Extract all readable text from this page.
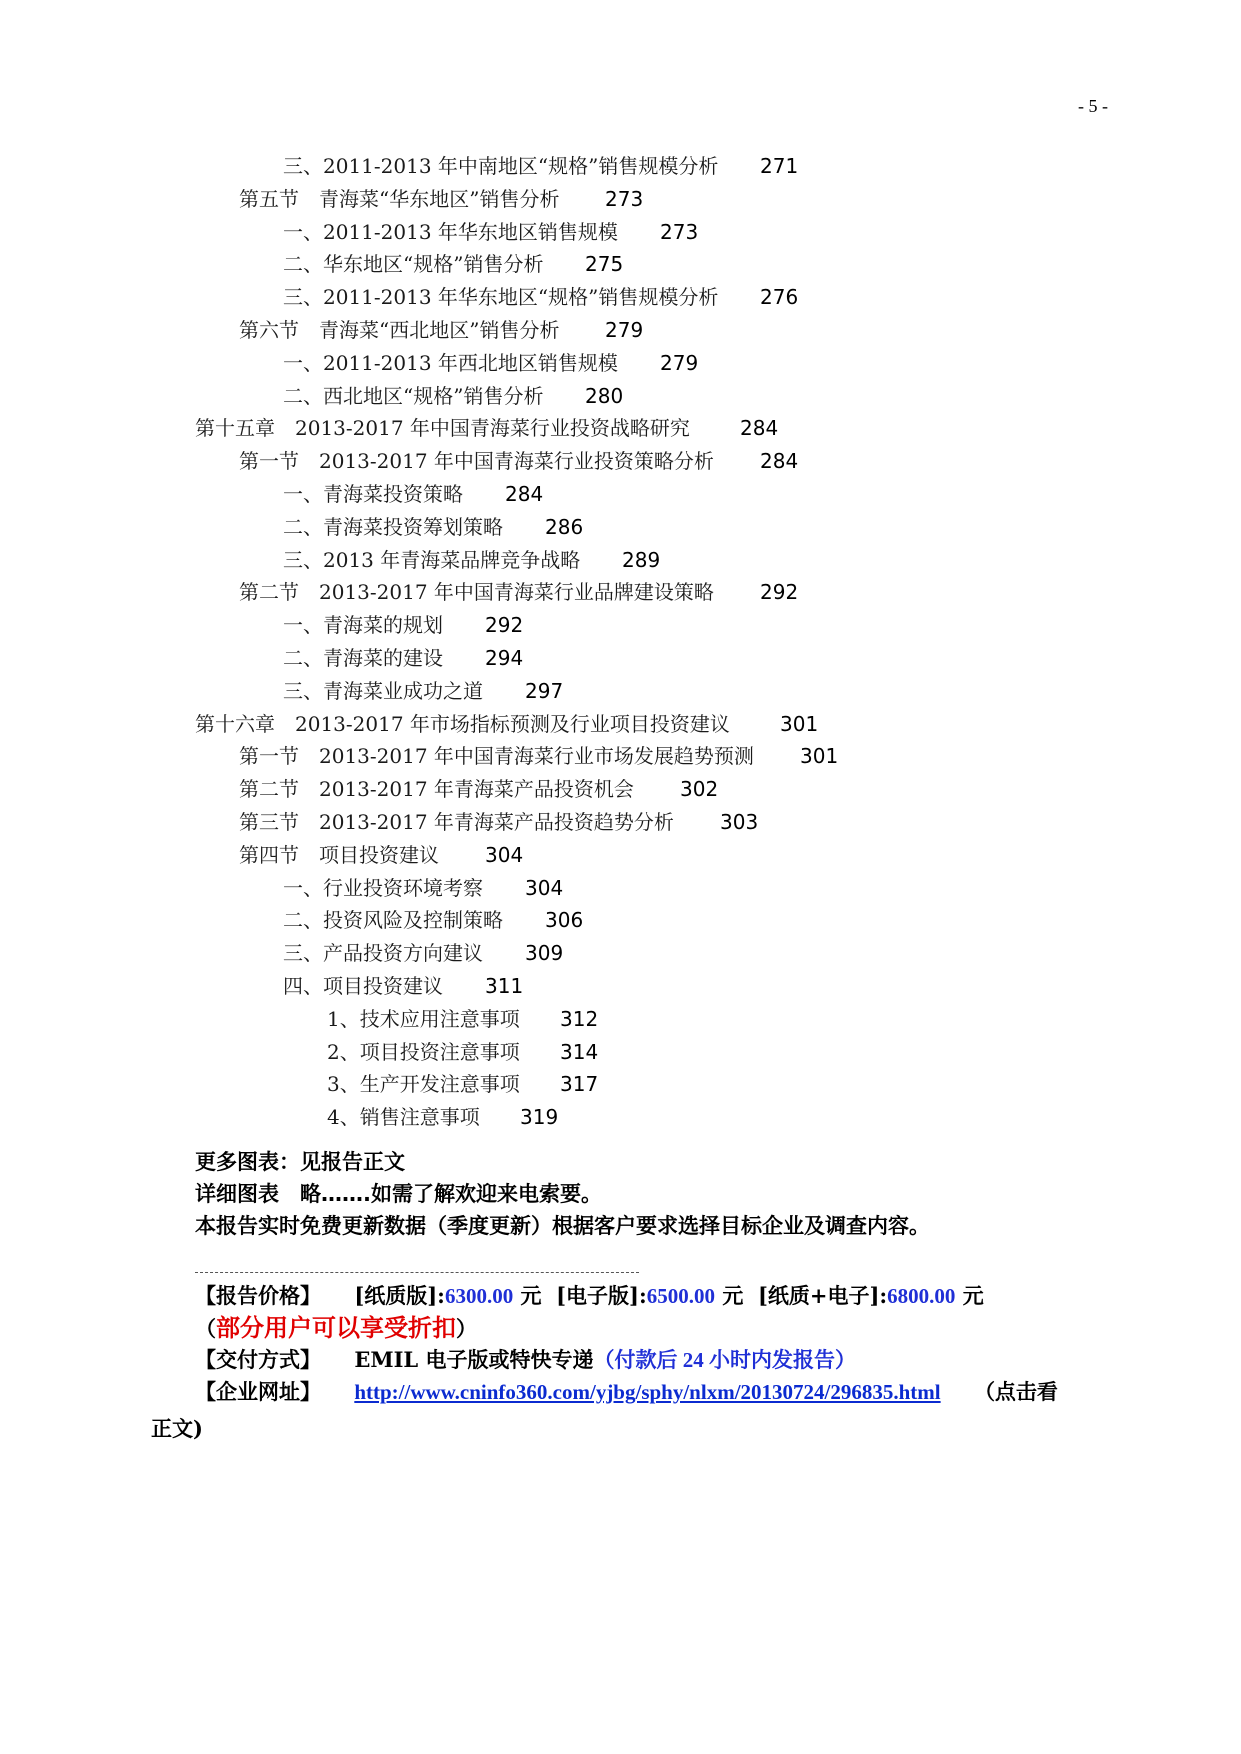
- 5 -
三、2011-2013 年中南地区“规格”销售规模分析 271
第五节　青海菜“华东地区”销售分析 273
一、2011-2013 年华东地区销售规模 273
二、华东地区“规格”销售分析 275
三、2011-2013 年华东地区“规格”销售规模分析 276
第六节　青海菜“西北地区”销售分析 279
一、2011-2013 年西北地区销售规模 279
二、西北地区“规格”销售分析 280
第十五章　2013-2017 年中国青海菜行业投资战略研究	284
第一节　2013-2017 年中国青海菜行业投资策略分析 284
一、青海菜投资策略 284
二、青海菜投资筹划策略 286
三、2013 年青海菜品牌竞争战略 289
第二节　2013-2017 年中国青海菜行业品牌建设策略 292
一、青海菜的规划 292
二、青海菜的建设 294
三、青海菜业成功之道 297
第十六章　2013-2017 年市场指标预测及行业项目投资建议	301
第一节　2013-2017 年中国青海菜行业市场发展趋势预测 301
第二节　2013-2017 年青海菜产品投资机会 302
第三节　2013-2017 年青海菜产品投资趋势分析 303
第四节　项目投资建议 304
一、行业投资环境考察 304
二、投资风险及控制策略 306
三、产品投资方向建议 309
四、项目投资建议 311
1、技术应用注意事项 312
2、项目投资注意事项 314
3、生产开发注意事项 317
4、销售注意事项 319
更多图表：见报告正文
详细图表　略…….如需了解欢迎来电索要。
本报告实时免费更新数据（季度更新）根据客户要求选择目标企业及调查内容。
【报告价格】 [纸质版]:6300.00 元 [电子版]:6500.00 元 [纸质+电子]:6800.00 元
（部分用户可以享受折扣）
【交付方式】 EMIL 电子版或特快专递（付款后 24 小时内发报告）
【企业网址】 http://www.cninfo360.com/yjbg/sphy/nlxm/20130724/296835.html （点击看
正文)
